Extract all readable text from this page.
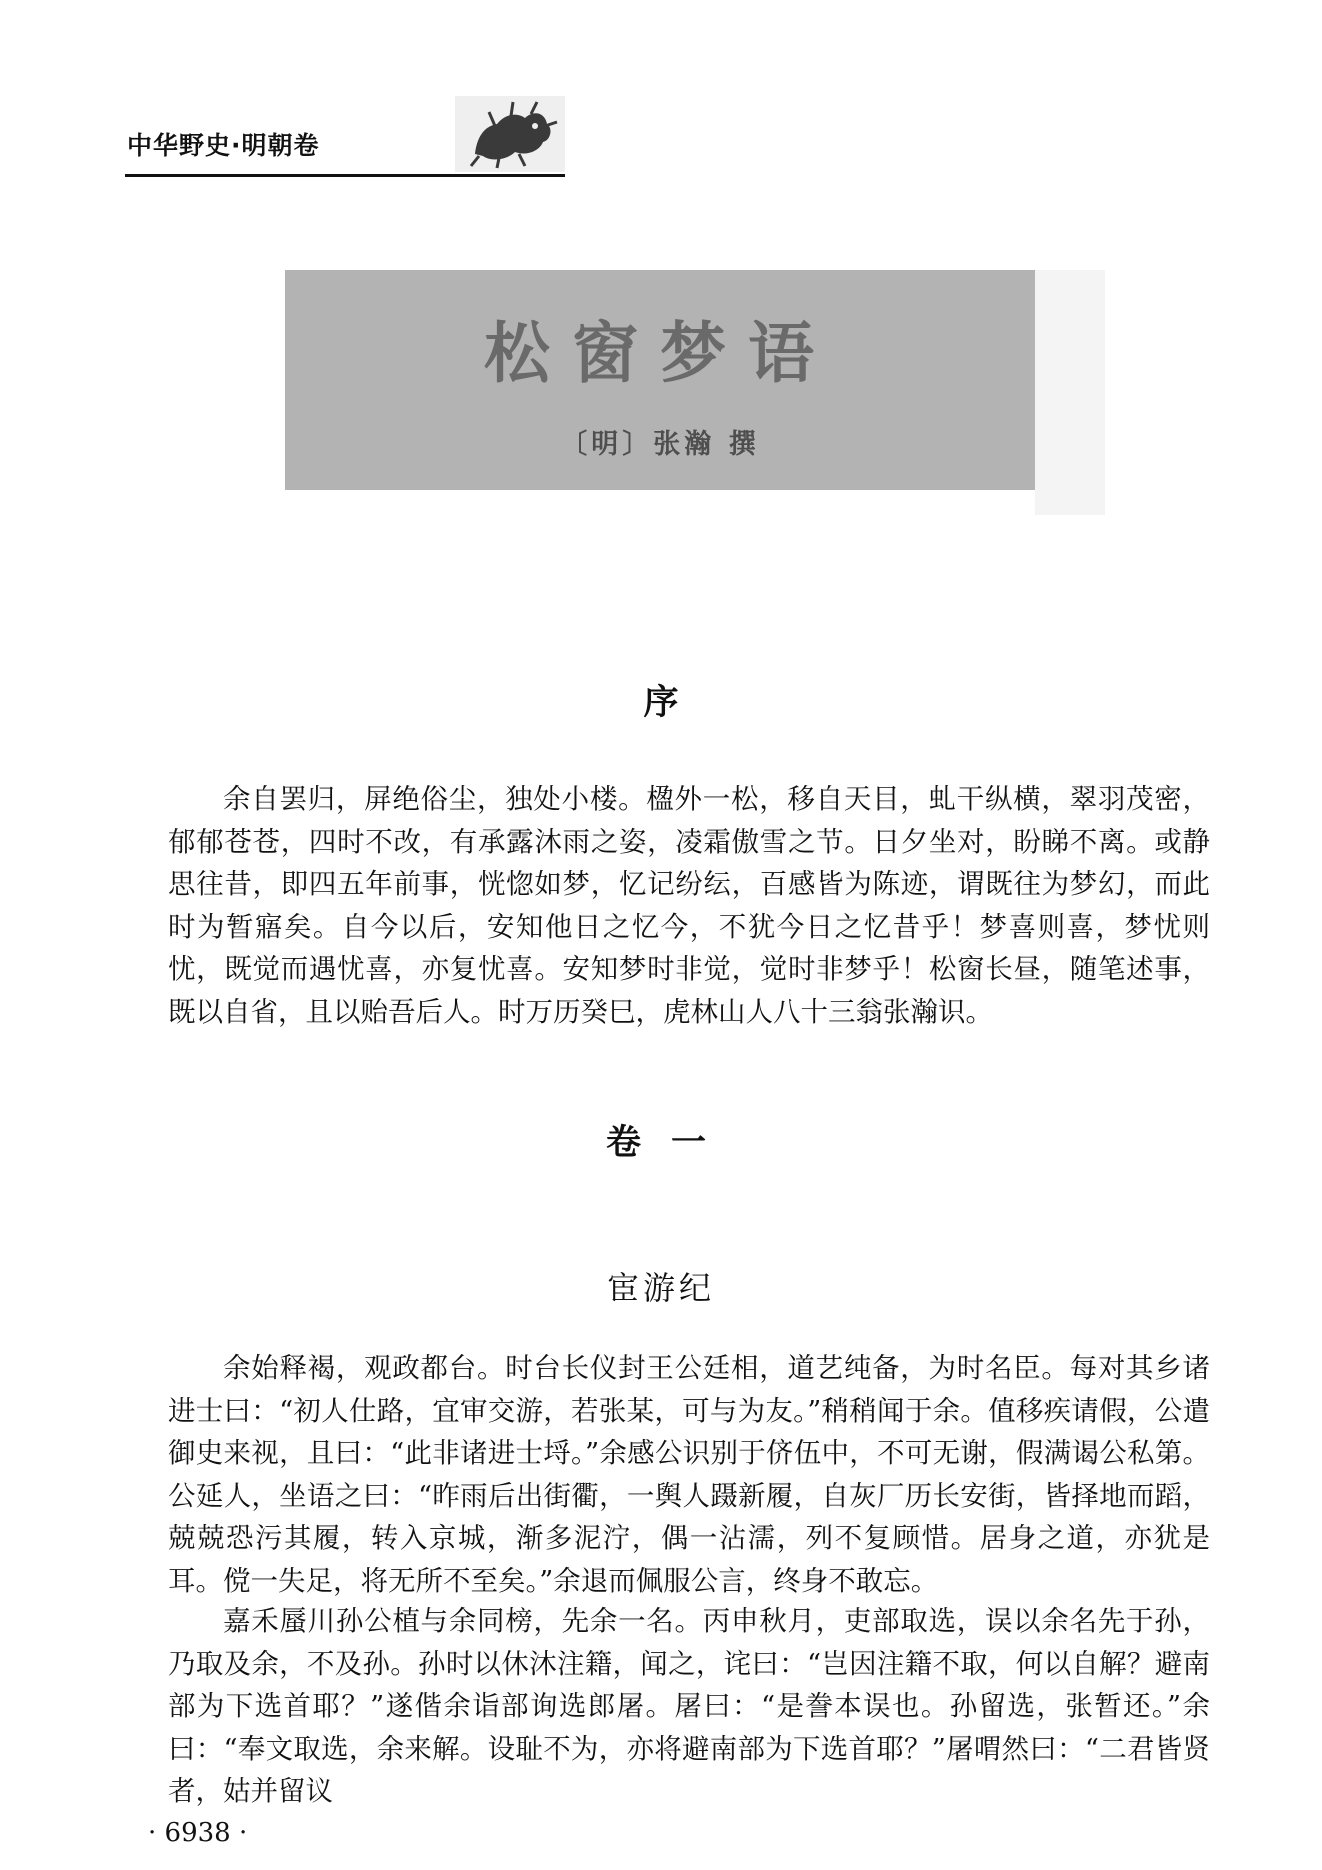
中华野史·明朝卷
松窗梦语
〔明〕张瀚 撰
序

余自罢归，屏绝俗尘，独处小楼。楹外一松，移自天目，虬干纵横，翠羽茂密，郁郁苍苍，四时不改，有承露沐雨之姿，凌霜傲雪之节。日夕坐对，盼睇不离。或静思往昔，即四五年前事，恍惚如梦，忆记纷纭，百感皆为陈迹，谓既往为梦幻，而此时为暂寤矣。自今以后，安知他日之忆今，不犹今日之忆昔乎！梦喜则喜，梦忧则忧，既觉而遇忧喜，亦复忧喜。安知梦时非觉，觉时非梦乎！松窗长昼，随笔述事，既以自省，且以贻吾后人。时万历癸巳，虎林山人八十三翁张瀚识。

卷一
宦游纪

余始释褐，观政都台。时台长仪封王公廷相，道艺纯备，为时名臣。每对其乡诸进士曰：“初人仕路，宜审交游，若张某，可与为友。”稍稍闻于余。值移疾请假，公遣御史来视，且曰：“此非诸进士埒。”余感公识别于侪伍中，不可无谢，假满谒公私第。公延人，坐语之曰：“昨雨后出街衢，一舆人蹑新履，自灰厂历长安街，皆择地而蹈，兢兢恐污其履，转入京城，渐多泥泞，偶一沾濡，列不复顾惜。居身之道，亦犹是耳。傥一失足，将无所不至矣。”余退而佩服公言，终身不敢忘。

嘉禾蜃川孙公植与余同榜，先余一名。丙申秋月，吏部取选，误以余名先于孙，乃取及余，不及孙。孙时以休沐注籍，闻之，诧曰：“岂因注籍不取，何以自解？避南部为下选首耶？”遂偕余诣部询选郎屠。屠曰：“是誊本误也。孙留选，张暂还。”余曰：“奉文取选，余来解。设耻不为，亦将避南部为下选首耶？”屠喟然曰：“二君皆贤者，姑并留议

· 6938 ·
